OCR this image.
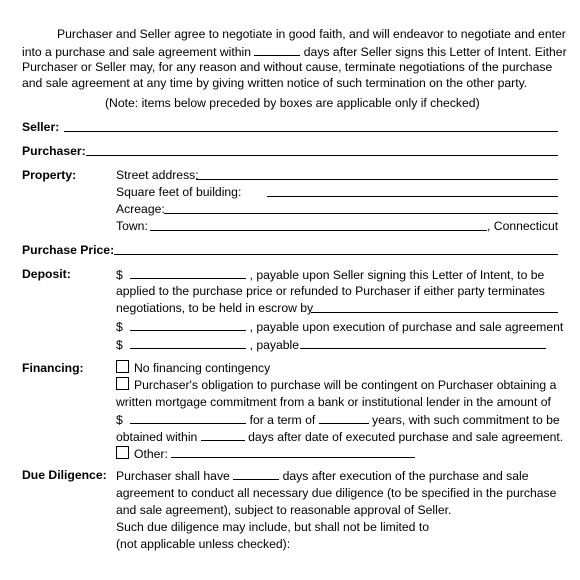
Purchaser and Seller agree to negotiate in good faith, and will endeavor to negotiate and enter
into a purchase and sale agreement within	days after Seller signs this Letter of Intent. Either
Purchaser or Seller may, for any reason and without cause, terminate negotiations of the purchase
and sale agreement at any time by giving written notice of such termination on the other party.
(Note: items below preceded by boxes are applicable only if checked)
Seller:
Purchaser:
Property:	Street address:
Square feet of building:
Acreage:
Town:	, Connecticut
Purchase Price:
Deposit:	$	, payable upon Seller signing this Letter of Intent, to be
applied to the purchase price or refunded to Purchaser if either party terminates
negotiations, to be held in escrow by
$	, payable upon execution of purchase and sale agreement
$	, payable
Financing:	No financing contingency
Purchaser's obligation to purchase will be contingent on Purchaser obtaining a
written mortgage commitment from a bank or institutional lender in the amount of
$	for a term of	years, with such commitment to be
obtained within	days after date of executed purchase and sale agreement.
Other:
Due Diligence: Purchaser shall have	days after execution of the purchase and sale
agreement to conduct all necessary due diligence (to be specified in the purchase
and sale agreement), subject to reasonable approval of Seller.
Such due diligence may include, but shall not be limited to
(not applicable unless checked):
